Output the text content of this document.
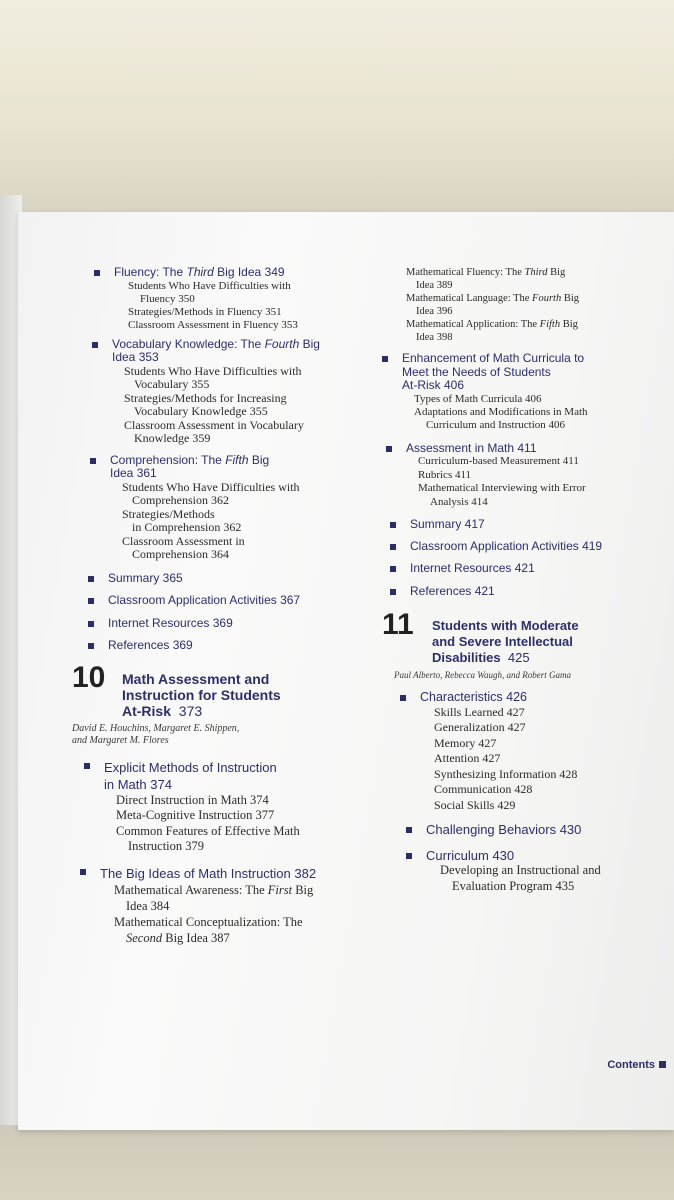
Fluency: The Third Big Idea 349
Students Who Have Difficulties with
Fluency 350
Strategies/Methods in Fluency 351
Classroom Assessment in Fluency 353
Vocabulary Knowledge: The Fourth Big
Idea 353
Students Who Have Difficulties with
Vocabulary 355
Strategies/Methods for Increasing
Vocabulary Knowledge 355
Classroom Assessment in Vocabulary
Knowledge 359
Comprehension: The Fifth Big
Idea 361
Students Who Have Difficulties with
Comprehension 362
Strategies/Methods
in Comprehension 362
Classroom Assessment in
Comprehension 364
Summary 365
Classroom Application Activities 367
Internet Resources 369
References 369
10 Math Assessment and
Instruction for Students
At-Risk 373
David E. Houchins, Margaret E. Shippen,
and Margaret M. Flores
Explicit Methods of Instruction
in Math 374
Direct Instruction in Math 374
Meta-Cognitive Instruction 377
Common Features of Effective Math
Instruction 379
The Big Ideas of Math Instruction 382
Mathematical Awareness: The First Big
Idea 384
Mathematical Conceptualization: The
Second Big Idea 387
Mathematical Fluency: The Third Big
Idea 389
Mathematical Language: The Fourth Big
Idea 396
Mathematical Application: The Fifth Big
Idea 398
Enhancement of Math Curricula to
Meet the Needs of Students
At-Risk 406
Types of Math Curricula 406
Adaptations and Modifications in Math
Curriculum and Instruction 406
Assessment in Math 411
Curriculum-based Measurement 411
Rubrics 411
Mathematical Interviewing with Error
Analysis 414
Summary 417
Classroom Application Activities 419
Internet Resources 421
References 421
11 Students with Moderate
and Severe Intellectual
Disabilities 425
Paul Alberto, Rebecca Waugh, and Robert Gama
Characteristics 426
Skills Learned 427
Generalization 427
Memory 427
Attention 427
Synthesizing Information 428
Communication 428
Social Skills 429
Challenging Behaviors 430
Curriculum 430
Developing an Instructional and
Evaluation Program 435
Contents
